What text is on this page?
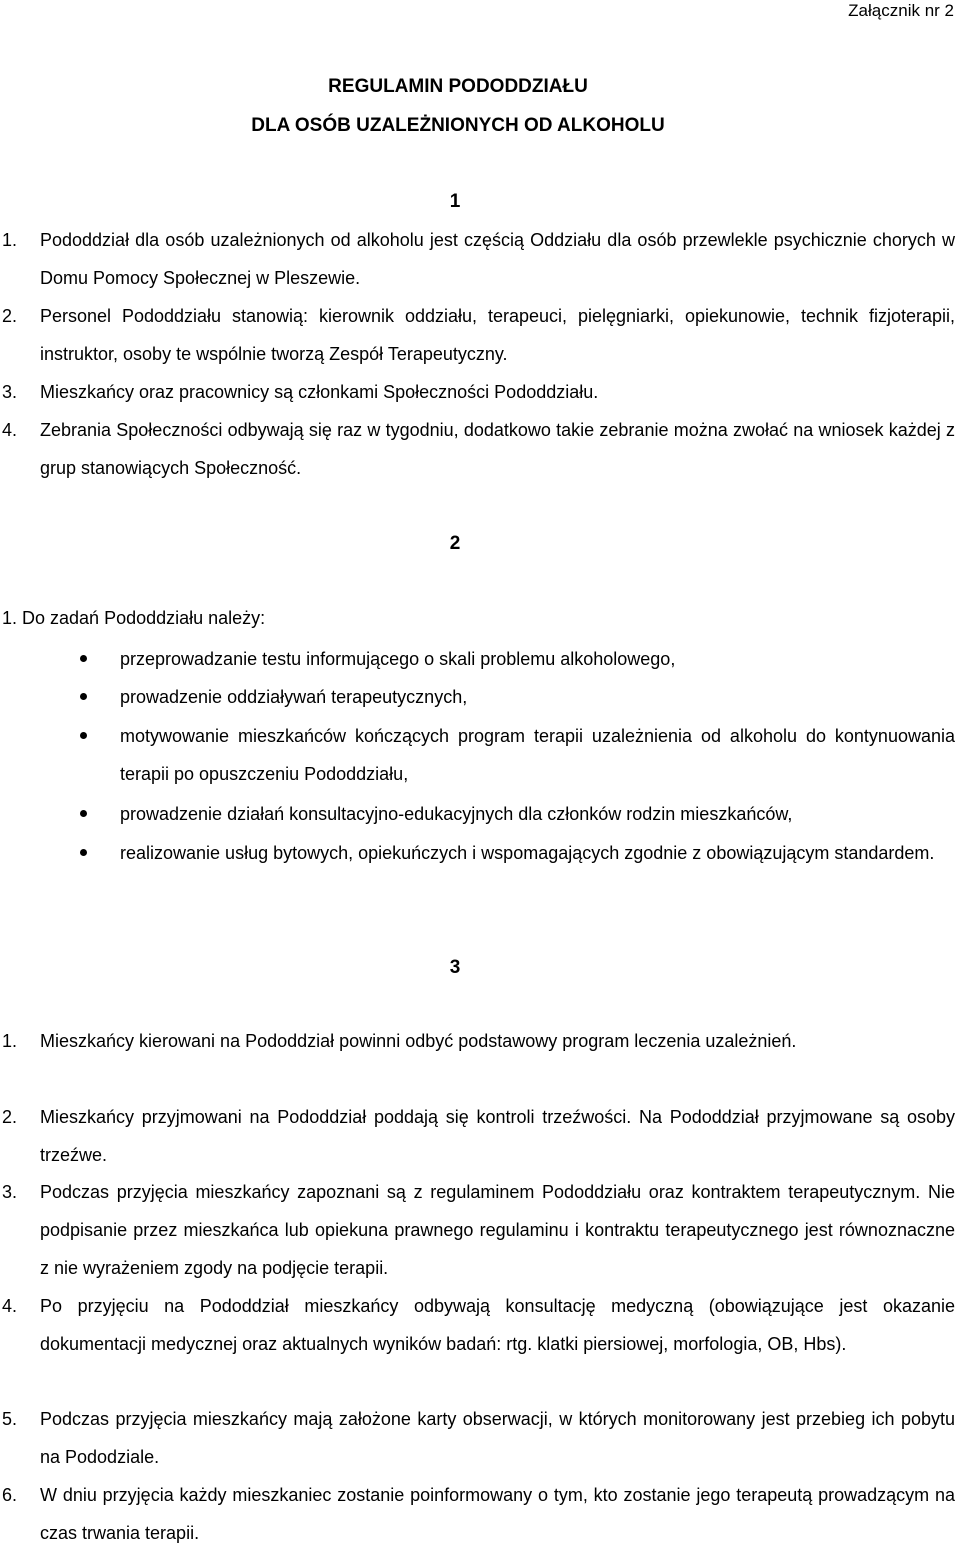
Załącznik nr 2
REGULAMIN PODODDZIAŁU
DLA OSÓB UZALEŻNIONYCH OD ALKOHOLU
1
1. Pododdział dla osób uzależnionych od alkoholu jest częścią Oddziału dla osób przewlekle psychicznie chorych w Domu Pomocy Społecznej w Pleszewie.
2. Personel Pododdziału stanowią: kierownik oddziału, terapeuci, pielęgniarki, opiekunowie, technik fizjoterapii, instruktor, osoby te wspólnie tworzą Zespół Terapeutyczny.
3. Mieszkańcy oraz pracownicy są członkami Społeczności Pododdziału.
4. Zebrania Społeczności odbywają się raz w tygodniu, dodatkowo takie zebranie można zwołać na wniosek każdej z grup stanowiących Społeczność.
2
1. Do zadań Pododdziału należy:
przeprowadzanie testu informującego o skali problemu alkoholowego,
prowadzenie oddziaływań terapeutycznych,
motywowanie mieszkańców kończących program terapii uzależnienia od alkoholu do kontynuowania terapii po opuszczeniu Pododdziału,
prowadzenie działań konsultacyjno-edukacyjnych dla członków rodzin mieszkańców,
realizowanie usług bytowych, opiekuńczych i wspomagających zgodnie z obowiązującym standardem.
3
1. Mieszkańcy kierowani na Pododdział powinni odbyć podstawowy program leczenia uzależnień.
2. Mieszkańcy przyjmowani na Pododdział poddają się kontroli trzeźwości. Na Pododdział przyjmowane są osoby trzeźwe.
3. Podczas przyjęcia mieszkańcy zapoznani są z regulaminem Pododdziału oraz kontraktem terapeutycznym. Nie podpisanie przez mieszkańca lub opiekuna prawnego regulaminu i kontraktu terapeutycznego jest równoznaczne z nie wyrażeniem zgody na podjęcie terapii.
4. Po przyjęciu na Pododdział mieszkańcy odbywają konsultację medyczną (obowiązujące jest okazanie dokumentacji medycznej oraz aktualnych wyników badań: rtg. klatki piersiowej, morfologia, OB, Hbs).
5. Podczas przyjęcia mieszkańcy mają założone karty obserwacji, w których monitorowany jest przebieg ich pobytu na Pododziale.
6. W dniu przyjęcia każdy mieszkaniec zostanie poinformowany o tym, kto zostanie jego terapeutą prowadzącym na czas trwania terapii.
